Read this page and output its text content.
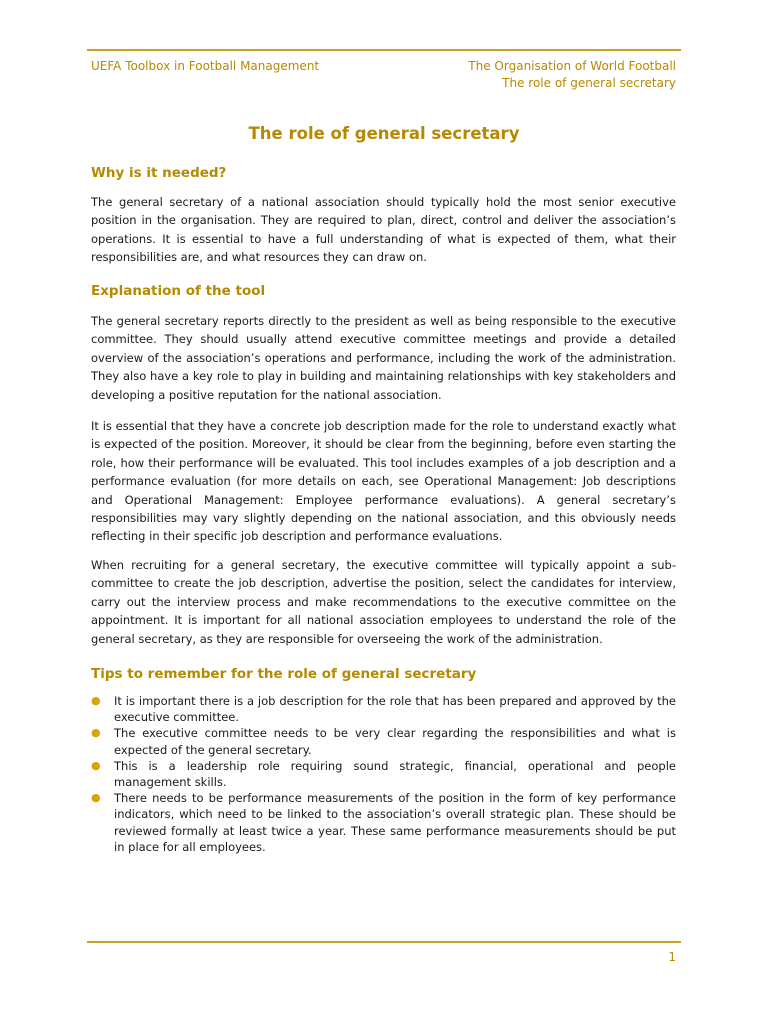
UEFA Toolbox in Football Management	The Organisation of World Football
The role of general secretary
The role of general secretary
Why is it needed?

The general secretary of a national association should typically hold the most senior executive position in the organisation. They are required to plan, direct, control and deliver the association’s operations. It is essential to have a full understanding of what is expected of them, what their responsibilities are, and what resources they can draw on.

Explanation of the tool

The general secretary reports directly to the president as well as being responsible to the executive committee. They should usually attend executive committee meetings and provide a detailed overview of the association’s operations and performance, including the work of the administration. They also have a key role to play in building and maintaining relationships with key stakeholders and developing a positive reputation for the national association.

It is essential that they have a concrete job description made for the role to understand exactly what is expected of the position. Moreover, it should be clear from the beginning, before even starting the role, how their performance will be evaluated. This tool includes examples of a job description and a performance evaluation (for more details on each, see Operational Management: Job descriptions and Operational Management: Employee performance evaluations). A general secretary’s responsibilities may vary slightly depending on the national association, and this obviously needs reflecting in their specific job description and performance evaluations.

When recruiting for a general secretary, the executive committee will typically appoint a sub-committee to create the job description, advertise the position, select the candidates for interview, carry out the interview process and make recommendations to the executive committee on the appointment. It is important for all national association employees to understand the role of the general secretary, as they are responsible for overseeing the work of the administration.

Tips to remember for the role of general secretary
● It is important there is a job description for the role that has been prepared and approved by the executive committee.
● The executive committee needs to be very clear regarding the responsibilities and what is expected of the general secretary.
● This is a leadership role requiring sound strategic, financial, operational and people management skills.
● There needs to be performance measurements of the position in the form of key performance indicators, which need to be linked to the association’s overall strategic plan. These should be reviewed formally at least twice a year. These same performance measurements should be put in place for all employees.
1
